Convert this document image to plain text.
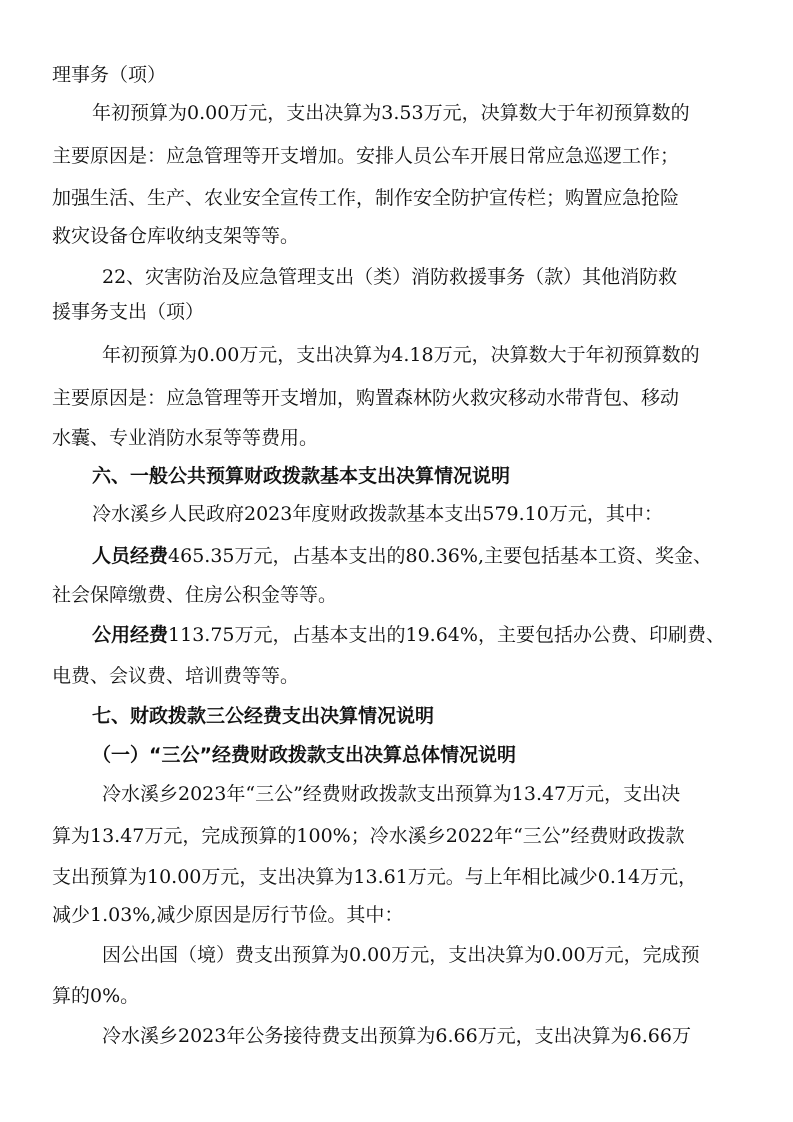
理事务（项）
年初预算为0.00万元，支出决算为3.53万元，决算数大于年初预算数的
主要原因是：应急管理等开支增加。安排人员公车开展日常应急巡逻工作；
加强生活、生产、农业安全宣传工作，制作安全防护宣传栏；购置应急抢险
救灾设备仓库收纳支架等等。
22、灾害防治及应急管理支出（类）消防救援事务（款）其他消防救
援事务支出（项）
年初预算为0.00万元，支出决算为4.18万元，决算数大于年初预算数的
主要原因是：应急管理等开支增加，购置森林防火救灾移动水带背包、移动
水囊、专业消防水泵等等费用。
六、一般公共预算财政拨款基本支出决算情况说明
冷水溪乡人民政府2023年度财政拨款基本支出579.10万元，其中：
人员经费465.35万元，占基本支出的80.36%,主要包括基本工资、奖金、
社会保障缴费、住房公积金等等。
公用经费113.75万元，占基本支出的19.64%，主要包括办公费、印刷费、
电费、会议费、培训费等等。
七、财政拨款三公经费支出决算情况说明
（一）“三公”经费财政拨款支出决算总体情况说明
冷水溪乡2023年“三公”经费财政拨款支出预算为13.47万元，支出决
算为13.47万元，完成预算的100%；冷水溪乡2022年“三公”经费财政拨款
支出预算为10.00万元，支出决算为13.61万元。与上年相比减少0.14万元，
减少1.03%,减少原因是厉行节俭。其中：
因公出国（境）费支出预算为0.00万元，支出决算为0.00万元，完成预
算的0%。
冷水溪乡2023年公务接待费支出预算为6.66万元，支出决算为6.66万
